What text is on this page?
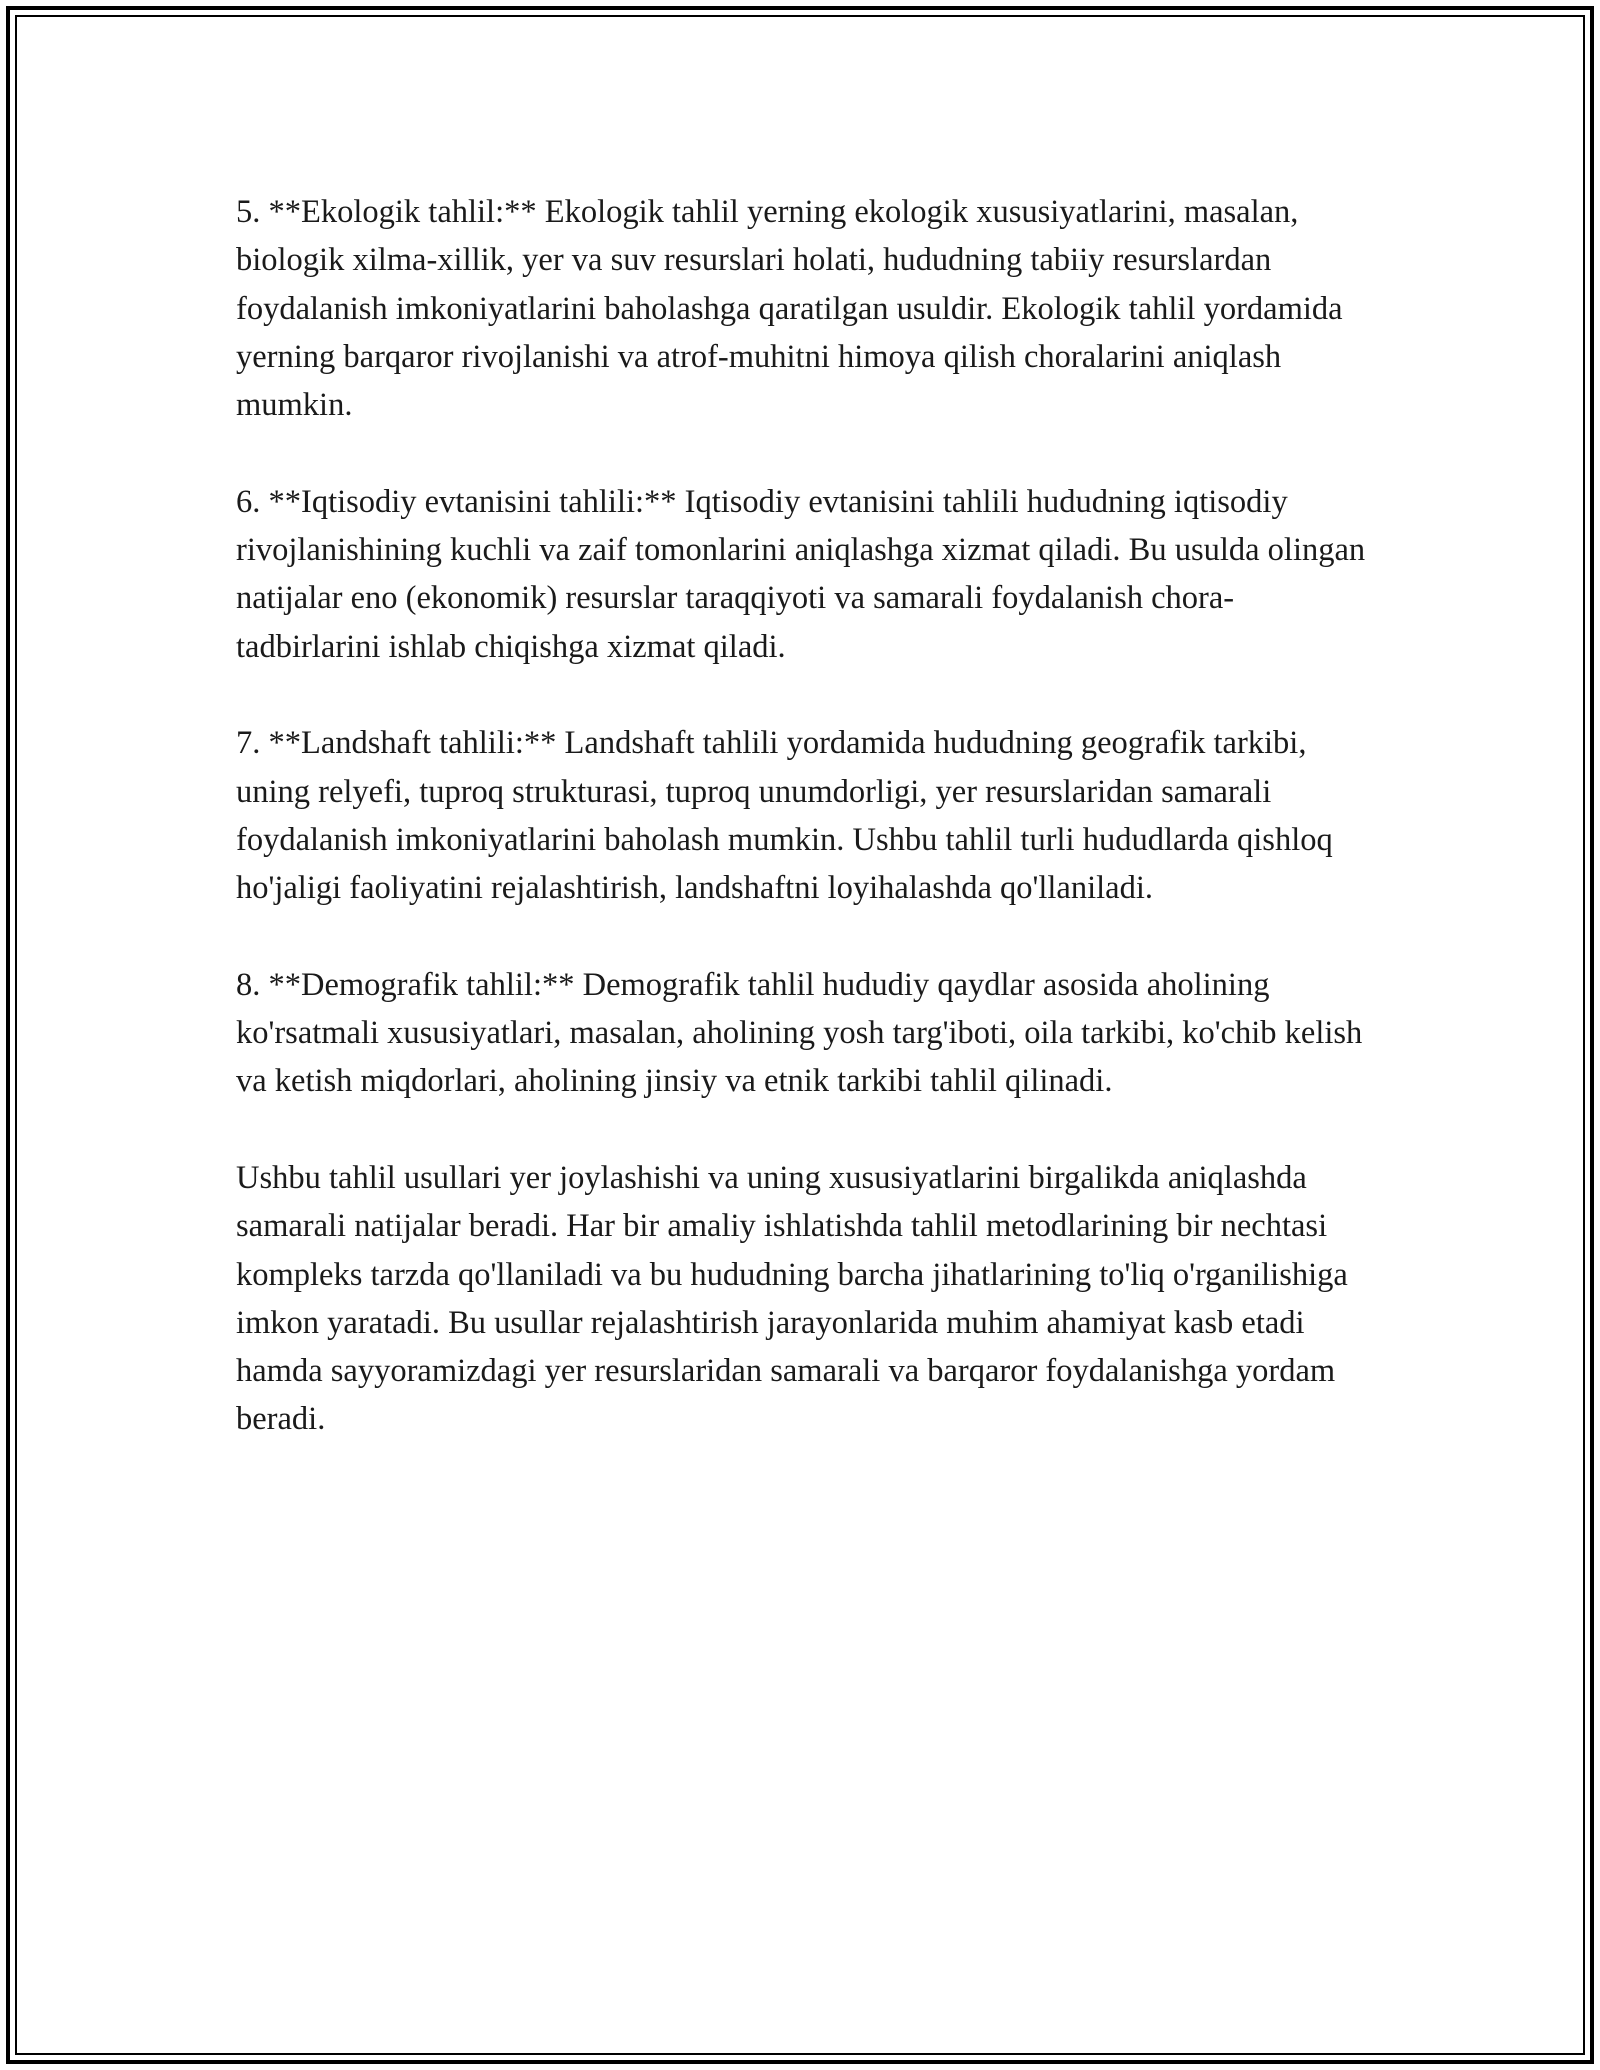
5. **Ekologik tahlil:** Ekologik tahlil yerning ekologik xususiyatlarini, masalan, biologik xilma-xillik, yer va suv resurslari holati, hududning tabiiy resurslardan foydalanish imkoniyatlarini baholashga qaratilgan usuldir. Ekologik tahlil yordamida yerning barqaror rivojlanishi va atrof-muhitni himoya qilish choralarini aniqlash mumkin.

6. **Iqtisodiy evtanisini tahlili:** Iqtisodiy evtanisini tahlili hududning iqtisodiy rivojlanishining kuchli va zaif tomonlarini aniqlashga xizmat qiladi. Bu usulda olingan natijalar eno (ekonomik) resurslar taraqqiyoti va samarali foydalanish chora-tadbirlarini ishlab chiqishga xizmat qiladi.

7. **Landshaft tahlili:** Landshaft tahlili yordamida hududning geografik tarkibi, uning relyefi, tuproq strukturasi, tuproq unumdorligi, yer resurslaridan samarali foydalanish imkoniyatlarini baholash mumkin. Ushbu tahlil turli hududlarda qishloq ho'jaligi faoliyatini rejalashtirish, landshaftni loyihalashda qo'llaniladi.

8. **Demografik tahlil:** Demografik tahlil hududiy qaydlar asosida aholining ko'rsatmali xususiyatlari, masalan, aholining yosh targ'iboti, oila tarkibi, ko'chib kelish va ketish miqdorlari, aholining jinsiy va etnik tarkibi tahlil qilinadi.

Ushbu tahlil usullari yer joylashishi va uning xususiyatlarini birgalikda aniqlashda samarali natijalar beradi. Har bir amaliy ishlatishda tahlil metodlarining bir nechtasi kompleks tarzda qo'llaniladi va bu hududning barcha jihatlarining to'liq o'rganilishiga imkon yaratadi. Bu usullar rejalashtirish jarayonlarida muhim ahamiyat kasb etadi hamda sayyoramizdagi yer resurslaridan samarali va barqaror foydalanishga yordam beradi.
